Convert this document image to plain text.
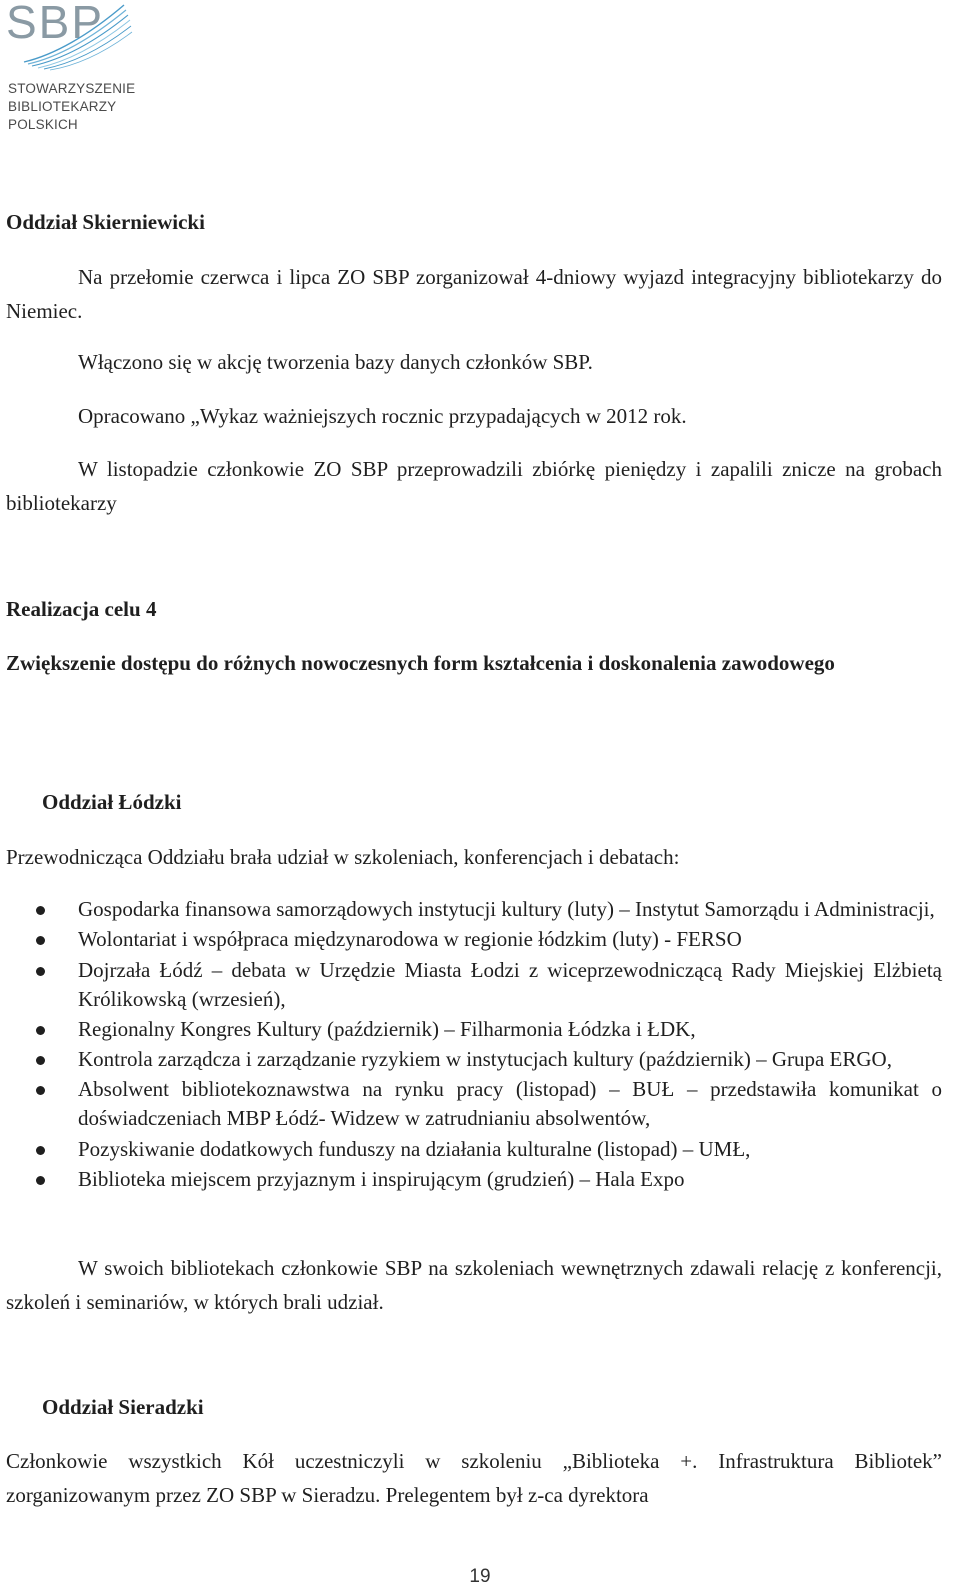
SBP
STOWARZYSZENIE
BIBLIOTEKARZY
POLSKICH
Oddział Skierniewicki

Na przełomie czerwca i lipca ZO SBP zorganizował 4-dniowy wyjazd integracyjny bibliotekarzy do Niemiec.

Włączono się w akcję tworzenia bazy danych członków SBP.

Opracowano „Wykaz ważniejszych rocznic przypadających w 2012 rok.

W listopadzie członkowie ZO SBP przeprowadzili zbiórkę pieniędzy i zapalili znicze na grobach bibliotekarzy

Realizacja celu 4

Zwiększenie dostępu do różnych nowoczesnych form kształcenia i doskonalenia zawodowego

Oddział Łódzki

Przewodnicząca Oddziału brała udział w szkoleniach, konferencjach i debatach:

Gospodarka finansowa samorządowych instytucji kultury (luty) – Instytut Samorządu i Administracji,
Wolontariat i współpraca międzynarodowa w regionie łódzkim (luty) - FERSO
Dojrzała Łódź – debata w Urzędzie Miasta Łodzi z wiceprzewodniczącą Rady Miejskiej Elżbietą Królikowską (wrzesień),
Regionalny Kongres Kultury (październik) – Filharmonia Łódzka i ŁDK,
Kontrola zarządcza i zarządzanie ryzykiem w instytucjach kultury (październik) – Grupa ERGO,
Absolwent bibliotekoznawstwa na rynku pracy (listopad) – BUŁ – przedstawiła komunikat o doświadczeniach MBP Łódź- Widzew w zatrudnianiu absolwentów,
Pozyskiwanie dodatkowych funduszy na działania kulturalne (listopad) – UMŁ,
Biblioteka miejscem przyjaznym i inspirującym (grudzień) – Hala Expo

W swoich bibliotekach członkowie SBP na szkoleniach wewnętrznych zdawali relację z konferencji, szkoleń i seminariów, w których brali udział.

Oddział Sieradzki

Członkowie wszystkich Kół uczestniczyli w szkoleniu „Biblioteka +. Infrastruktura Bibliotek” zorganizowanym przez ZO SBP w Sieradzu. Prelegentem był z-ca dyrektora

19
